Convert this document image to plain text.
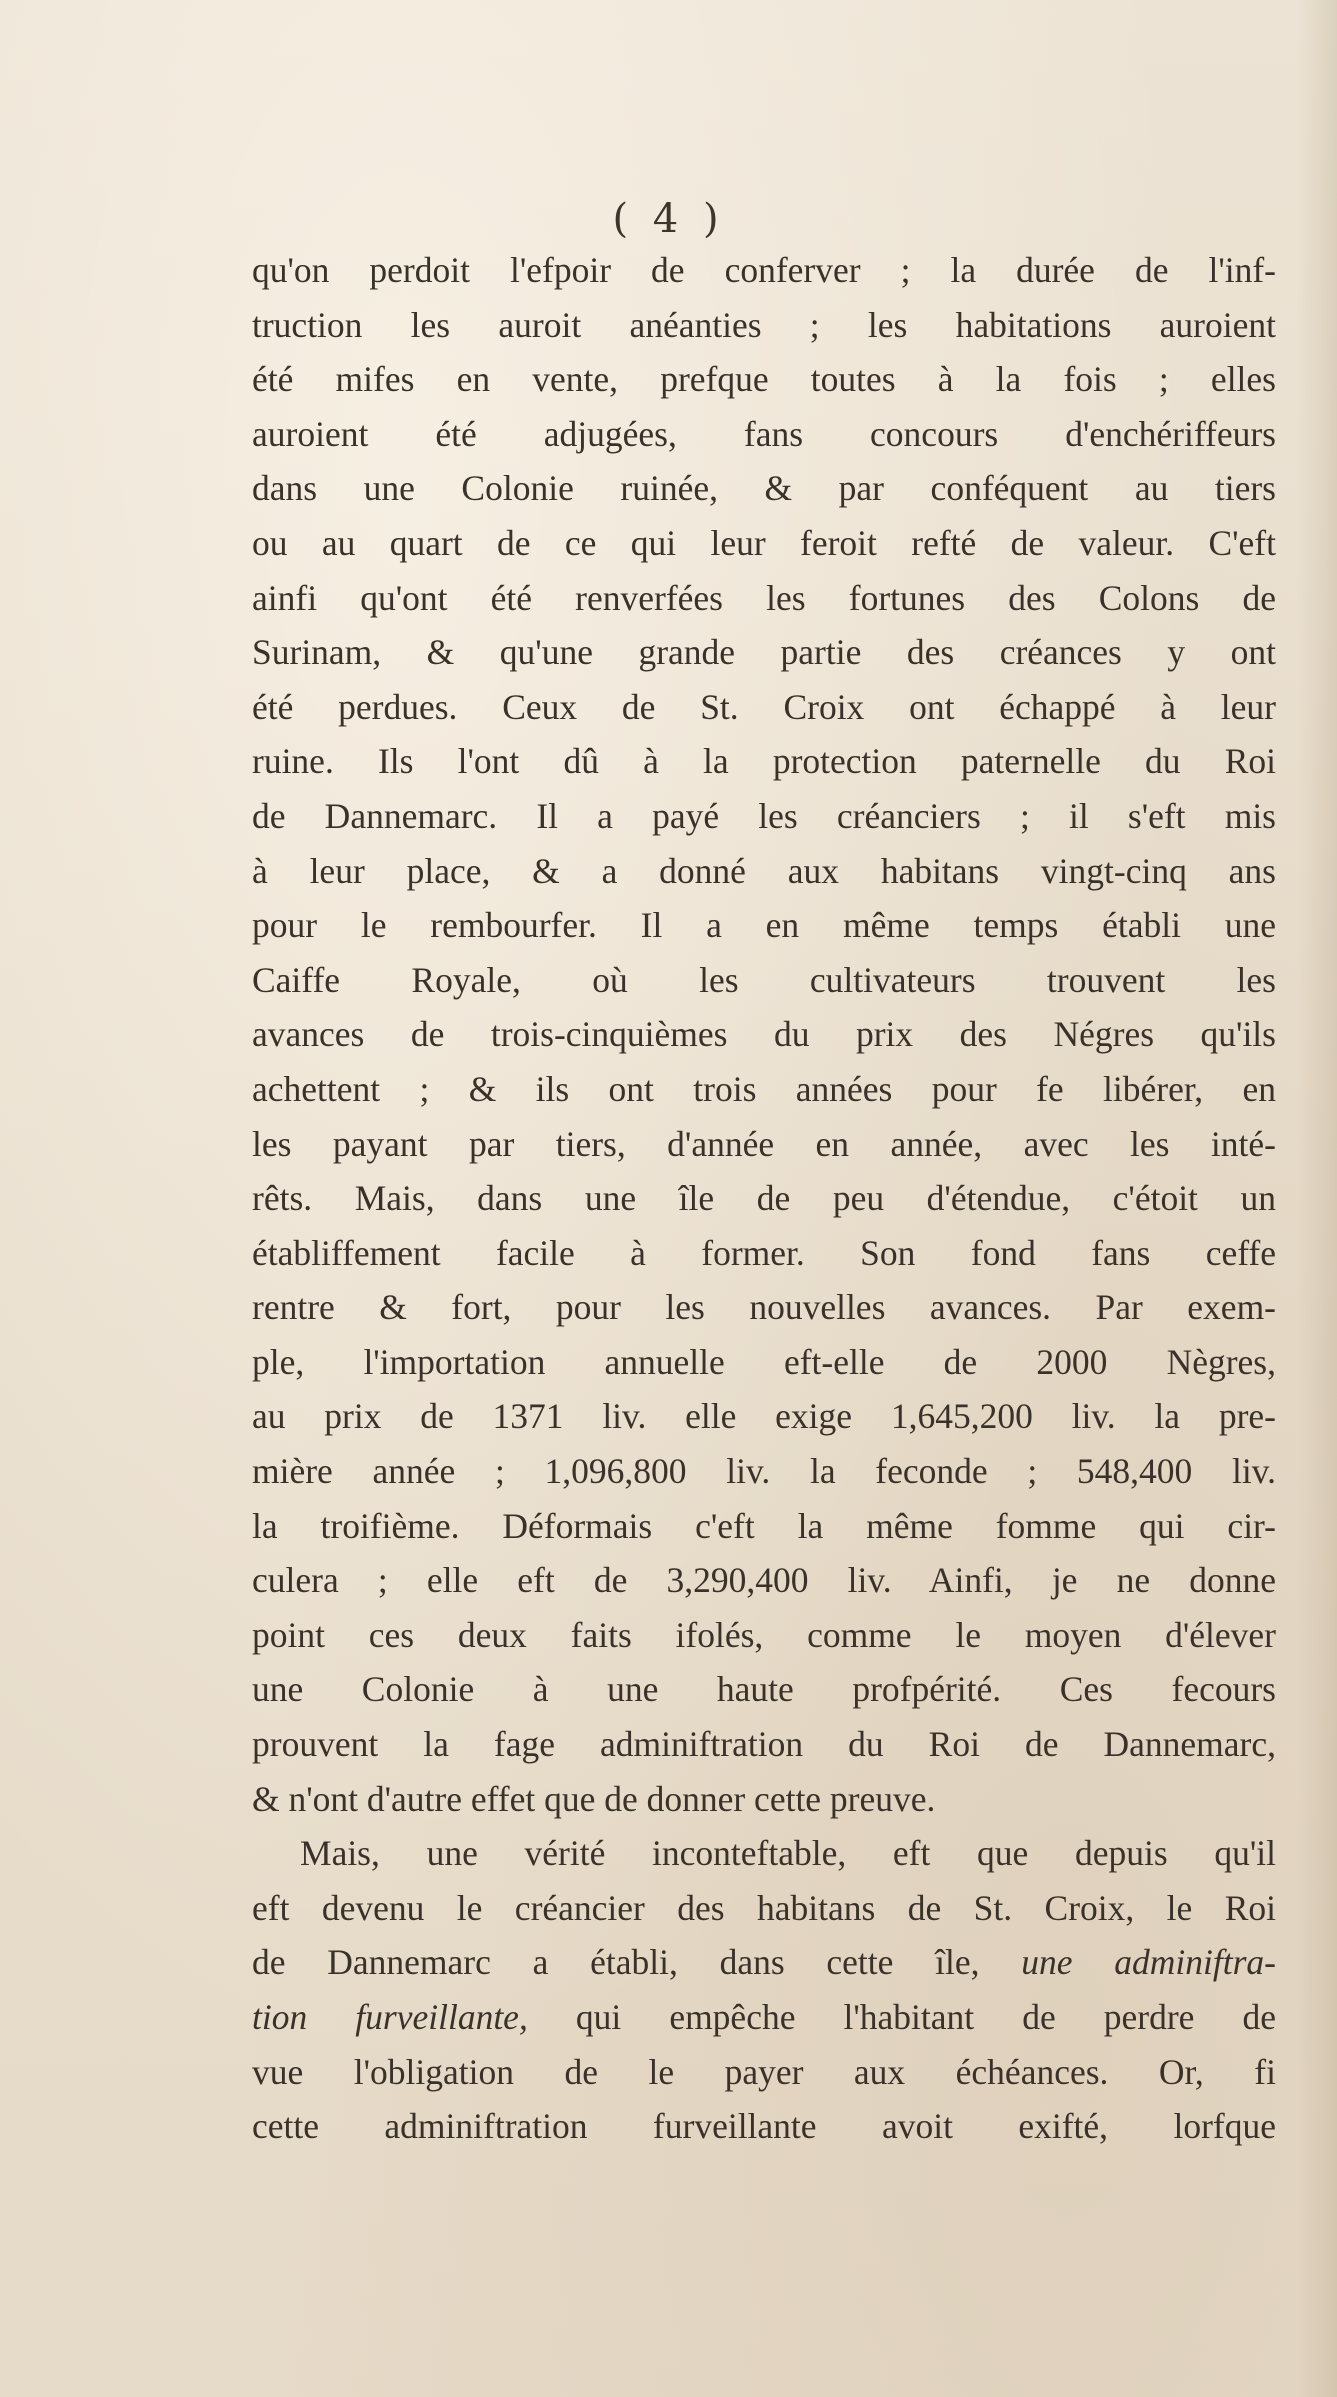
( 4 )
qu'on perdoit l'efpoir de conferver ; la durée de l'inf-
truction les auroit anéanties ; les habitations auroient
été mifes en vente, prefque toutes à la fois ; elles
auroient été adjugées, fans concours d'enchériffeurs
dans une Colonie ruinée, & par conféquent au tiers
ou au quart de ce qui leur feroit refté de valeur. C'eft
ainfi qu'ont été renverfées les fortunes des Colons de
Surinam, & qu'une grande partie des créances y ont
été perdues. Ceux de St. Croix ont échappé à leur
ruine. Ils l'ont dû à la protection paternelle du Roi
de Dannemarc. Il a payé les créanciers ; il s'eft mis
à leur place, & a donné aux habitans vingt-cinq ans
pour le rembourfer. Il a en même temps établi une
Caiffe Royale, où les cultivateurs trouvent les
avances de trois-cinquièmes du prix des Négres qu'ils
achettent ; & ils ont trois années pour fe libérer, en
les payant par tiers, d'année en année, avec les inté-
rêts. Mais, dans une île de peu d'étendue, c'étoit un
établiffement facile à former. Son fond fans ceffe
rentre & fort, pour les nouvelles avances. Par exem-
ple, l'importation annuelle eft-elle de 2000 Nègres,
au prix de 1371 liv. elle exige 1,645,200 liv. la pre-
mière année ; 1,096,800 liv. la feconde ; 548,400 liv.
la troifième. Déformais c'eft la même fomme qui cir-
culera ; elle eft de 3,290,400 liv. Ainfi, je ne donne
point ces deux faits ifolés, comme le moyen d'élever
une Colonie à une haute profpérité. Ces fecours
prouvent la fage adminiftration du Roi de Dannemarc,
& n'ont d'autre effet que de donner cette preuve.
Mais, une vérité inconteftable, eft que depuis qu'il
eft devenu le créancier des habitans de St. Croix, le Roi
de Dannemarc a établi, dans cette île, une adminiftra-
tion furveillante, qui empêche l'habitant de perdre de
vue l'obligation de le payer aux échéances. Or, fi
cette adminiftration furveillante avoit exifté, lorfque
